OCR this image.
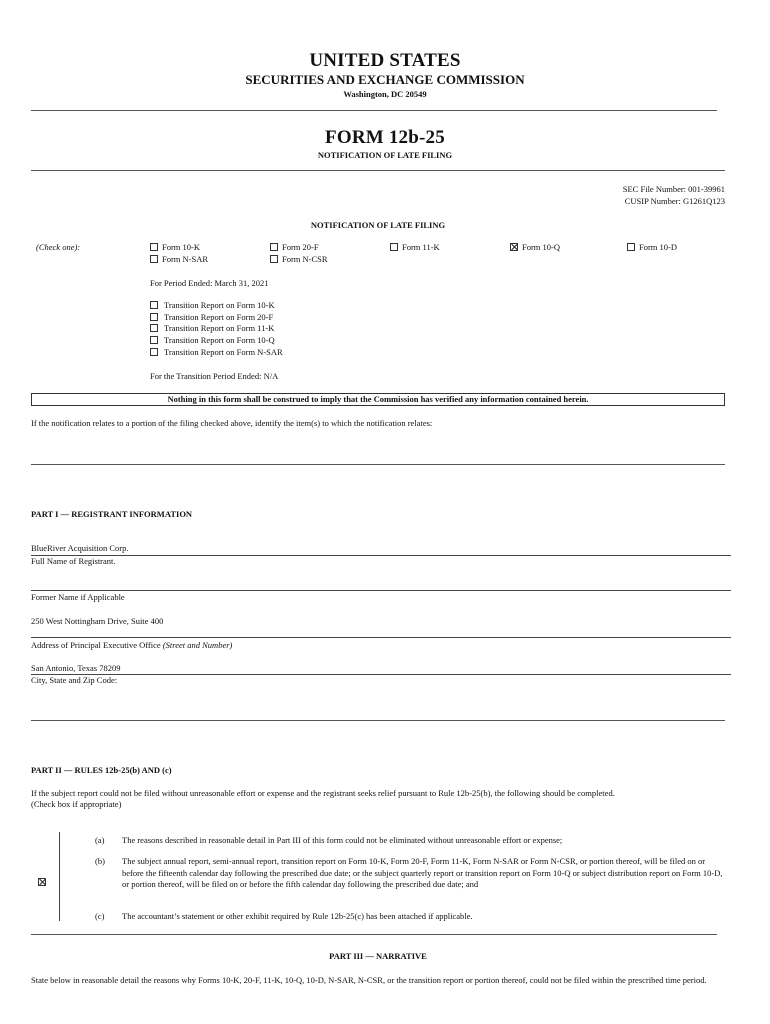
UNITED STATES
SECURITIES AND EXCHANGE COMMISSION
Washington, DC 20549
FORM 12b-25
NOTIFICATION OF LATE FILING
SEC File Number: 001-39961
CUSIP Number: G1261Q123
NOTIFICATION OF LATE FILING
(Check one):	Form 10-K	Form 20-F	Form 11-K	Form 10-Q	Form 10-D
Form N-SAR	Form N-CSR
For Period Ended: March 31, 2021
Transition Report on Form 10-K
Transition Report on Form 20-F
Transition Report on Form 11-K
Transition Report on Form 10-Q
Transition Report on Form N-SAR
For the Transition Period Ended: N/A
Nothing in this form shall be construed to imply that the Commission has verified any information contained herein.
If the notification relates to a portion of the filing checked above, identify the item(s) to which the notification relates:
PART I — REGISTRANT INFORMATION
BlueRiver Acquisition Corp.
Full Name of Registrant.
Former Name if Applicable
250 West Nottingham Drive, Suite 400
Address of Principal Executive Office (Street and Number)
San Antonio, Texas 78209
City, State and Zip Code:
PART II — RULES 12b-25(b) AND (c)
If the subject report could not be filed without unreasonable effort or expense and the registrant seeks relief pursuant to Rule 12b-25(b), the following should be completed.
(Check box if appropriate)
(a) The reasons described in reasonable detail in Part III of this form could not be eliminated without unreasonable effort or expense;
(b) The subject annual report, semi-annual report, transition report on Form 10-K, Form 20-F, Form 11-K, Form N-SAR or Form N-CSR, or portion thereof, will be filed on or before the fifteenth calendar day following the prescribed due date; or the subject quarterly report or transition report on Form 10-Q or subject distribution report on Form 10-D, or portion thereof, will be filed on or before the fifth calendar day following the prescribed due date; and
(c) The accountant’s statement or other exhibit required by Rule 12b-25(c) has been attached if applicable.
PART III — NARRATIVE
State below in reasonable detail the reasons why Forms 10-K, 20-F, 11-K, 10-Q, 10-D, N-SAR, N-CSR, or the transition report or portion thereof, could not be filed within the prescribed time period.
